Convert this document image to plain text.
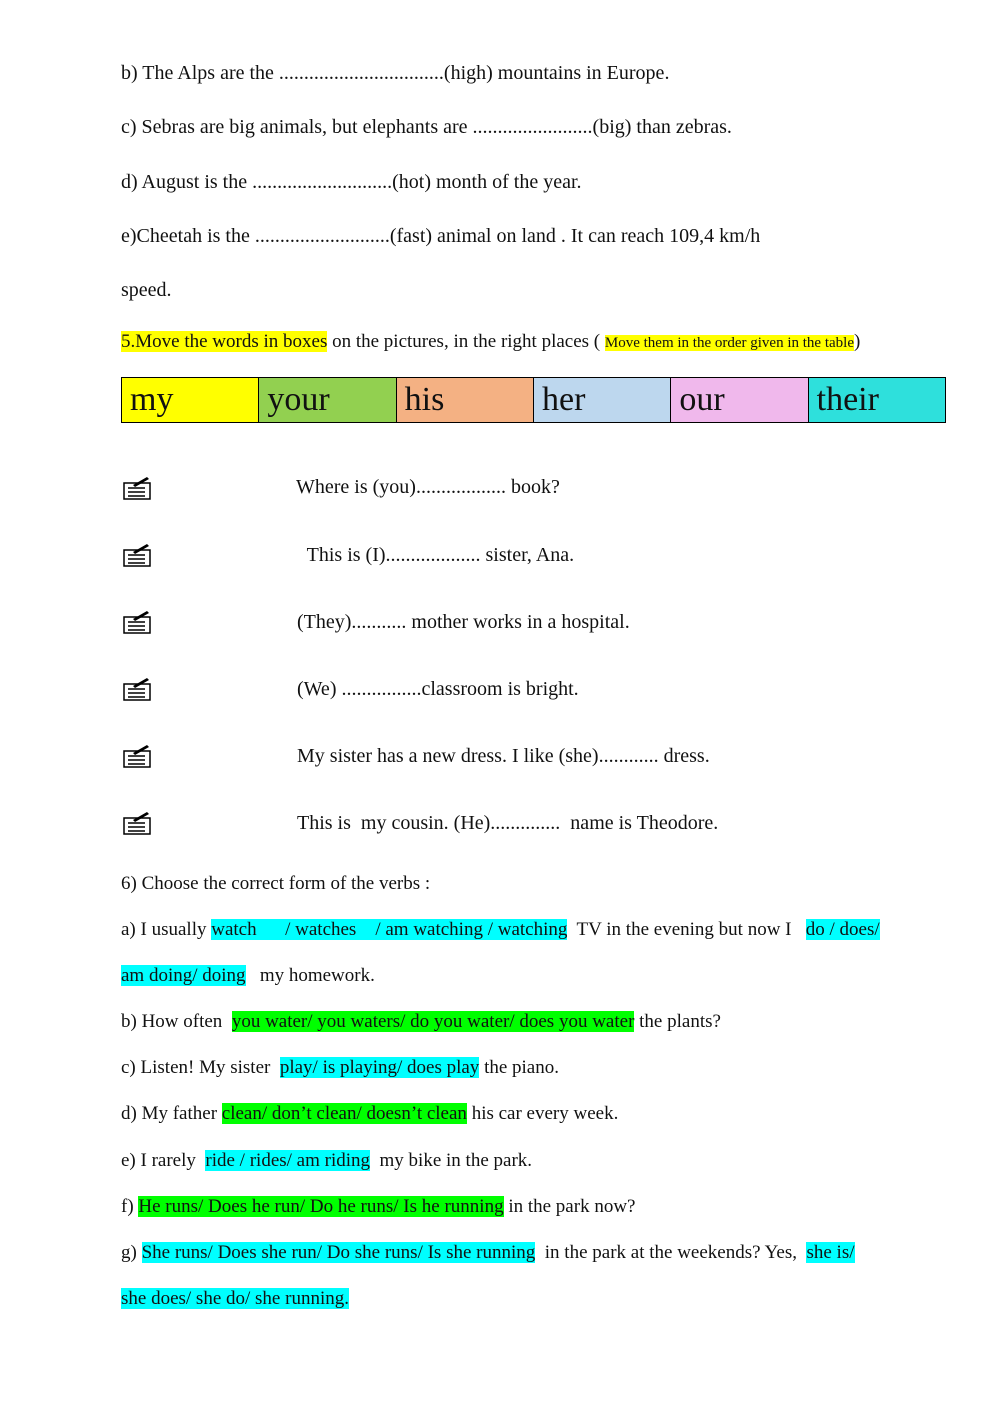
b) The Alps are the .................................(high) mountains in Europe.
c) Sebras are big animals, but elephants are ........................(big) than zebras.
d) August is the ............................(hot) month of the year.
e)Cheetah is the ...........................(fast) animal on land . It can reach 109,4 km/h
speed.
5.Move the words in boxes on the pictures, in the right places ( Move them in the order given in the table)
my	your	his	her	our	their
Where is (you).................. book?
This is (I)................... sister, Ana.
(They)........... mother works in a hospital.
(We) ................classroom is bright.
My sister has a new dress. I like (she)............ dress.
This is  my cousin. (He)..............  name is Theodore.
6) Choose the correct form of the verbs :
a) I usually watch      / watches    / am watching / watching  TV in the evening but now I   do / does/
am doing/ doing   my homework.
b) How often  you water/ you waters/ do you water/ does you water the plants?
c) Listen! My sister  play/ is playing/ does play the piano.
d) My father clean/ don’t clean/ doesn’t clean his car every week.
e) I rarely  ride / rides/ am riding  my bike in the park.
f) He runs/ Does he run/ Do he runs/ Is he running in the park now?
g) She runs/ Does she run/ Do she runs/ Is she running  in the park at the weekends? Yes,  she is/
she does/ she do/ she running.
